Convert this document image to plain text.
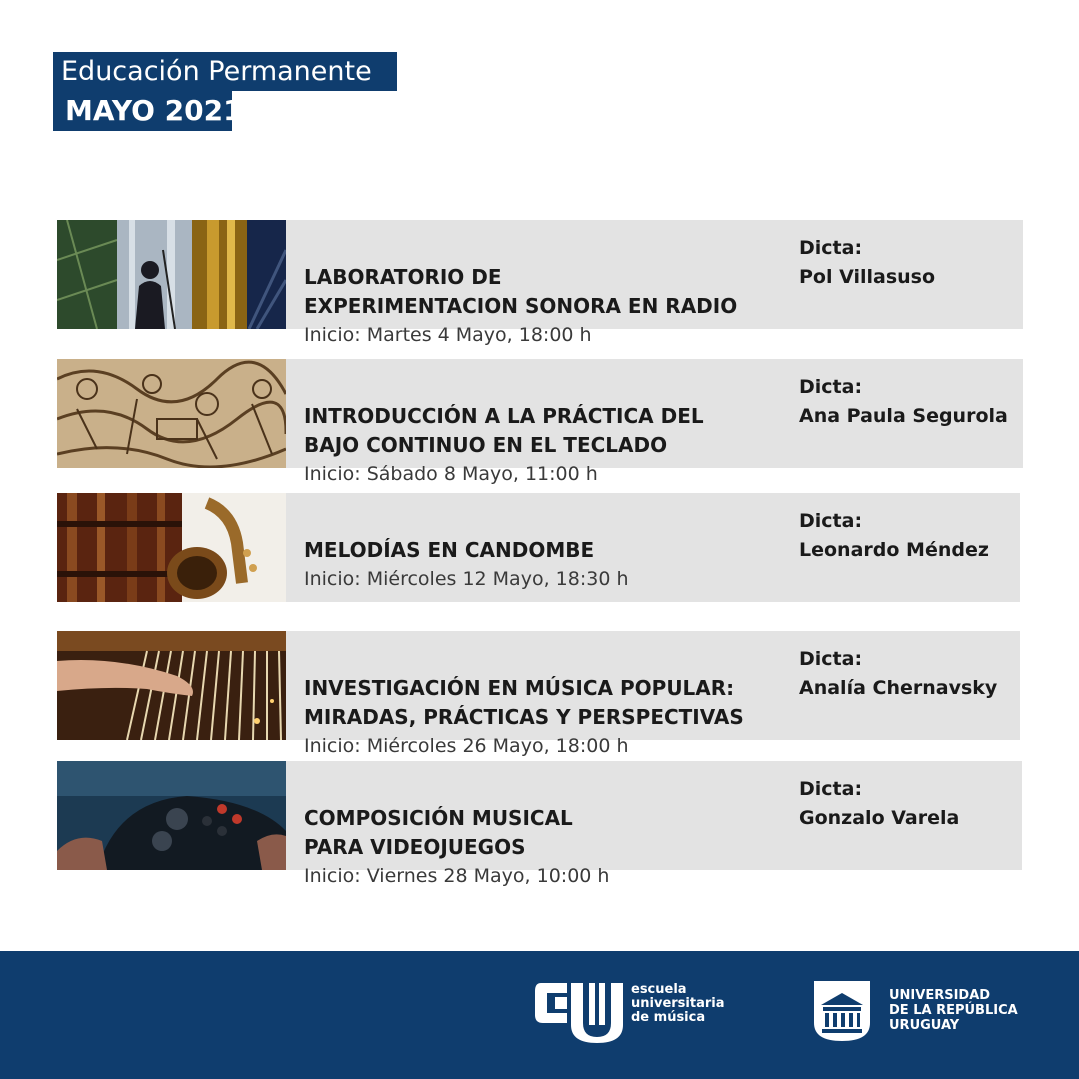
Educación Permanente
MAYO 2021

LABORATORIO DE
EXPERIMENTACION SONORA EN RADIO

Inicio: Martes 4 Mayo, 18:00 h

Dicta:
Pol Villasuso

INTRODUCCIÓN A LA PRÁCTICA DEL
BAJO CONTINUO EN EL TECLADO

Inicio: Sábado 8 Mayo, 11:00 h

Dicta:
Ana Paula Segurola

MELODÍAS EN CANDOMBE

Inicio: Miércoles 12 Mayo, 18:30 h

Dicta:
Leonardo Méndez

INVESTIGACIÓN EN MÚSICA POPULAR:
MIRADAS, PRÁCTICAS Y PERSPECTIVAS

Inicio: Miércoles 26 Mayo, 18:00 h

Dicta:
Analía Chernavsky

COMPOSICIÓN MUSICAL
PARA VIDEOJUEGOS

Inicio: Viernes 28 Mayo, 10:00 h

Dicta:
Gonzalo Varela
escuela
universitaria
de música
UNIVERSIDAD
DE LA REPÚBLICA
URUGUAY
